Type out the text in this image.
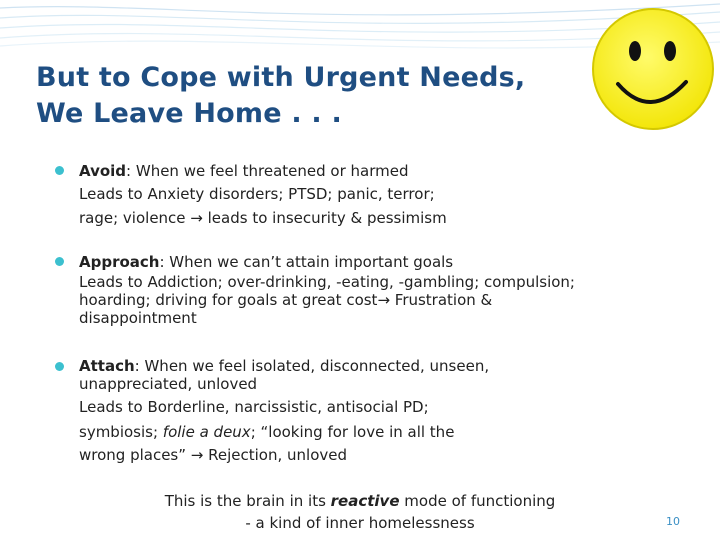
But to Cope with Urgent Needs,
We Leave Home . . .
Avoid: When we feel threatened or harmed
Leads to Anxiety disorders; PTSD; panic, terror;
rage; violence → leads to insecurity & pessimism
Approach: When we can’t attain important goals
Leads to Addiction; over-drinking, -eating, -gambling; compulsion;
hoarding; driving for goals at great cost→ Frustration &
disappointment
Attach: When we feel isolated, disconnected, unseen,
unappreciated, unloved
Leads to Borderline, narcissistic, antisocial PD;
symbiosis; folie a deux; “looking for love in all the
wrong places” → Rejection, unloved
This is the brain in its reactive mode of functioning
- a kind of inner homelessness	10
